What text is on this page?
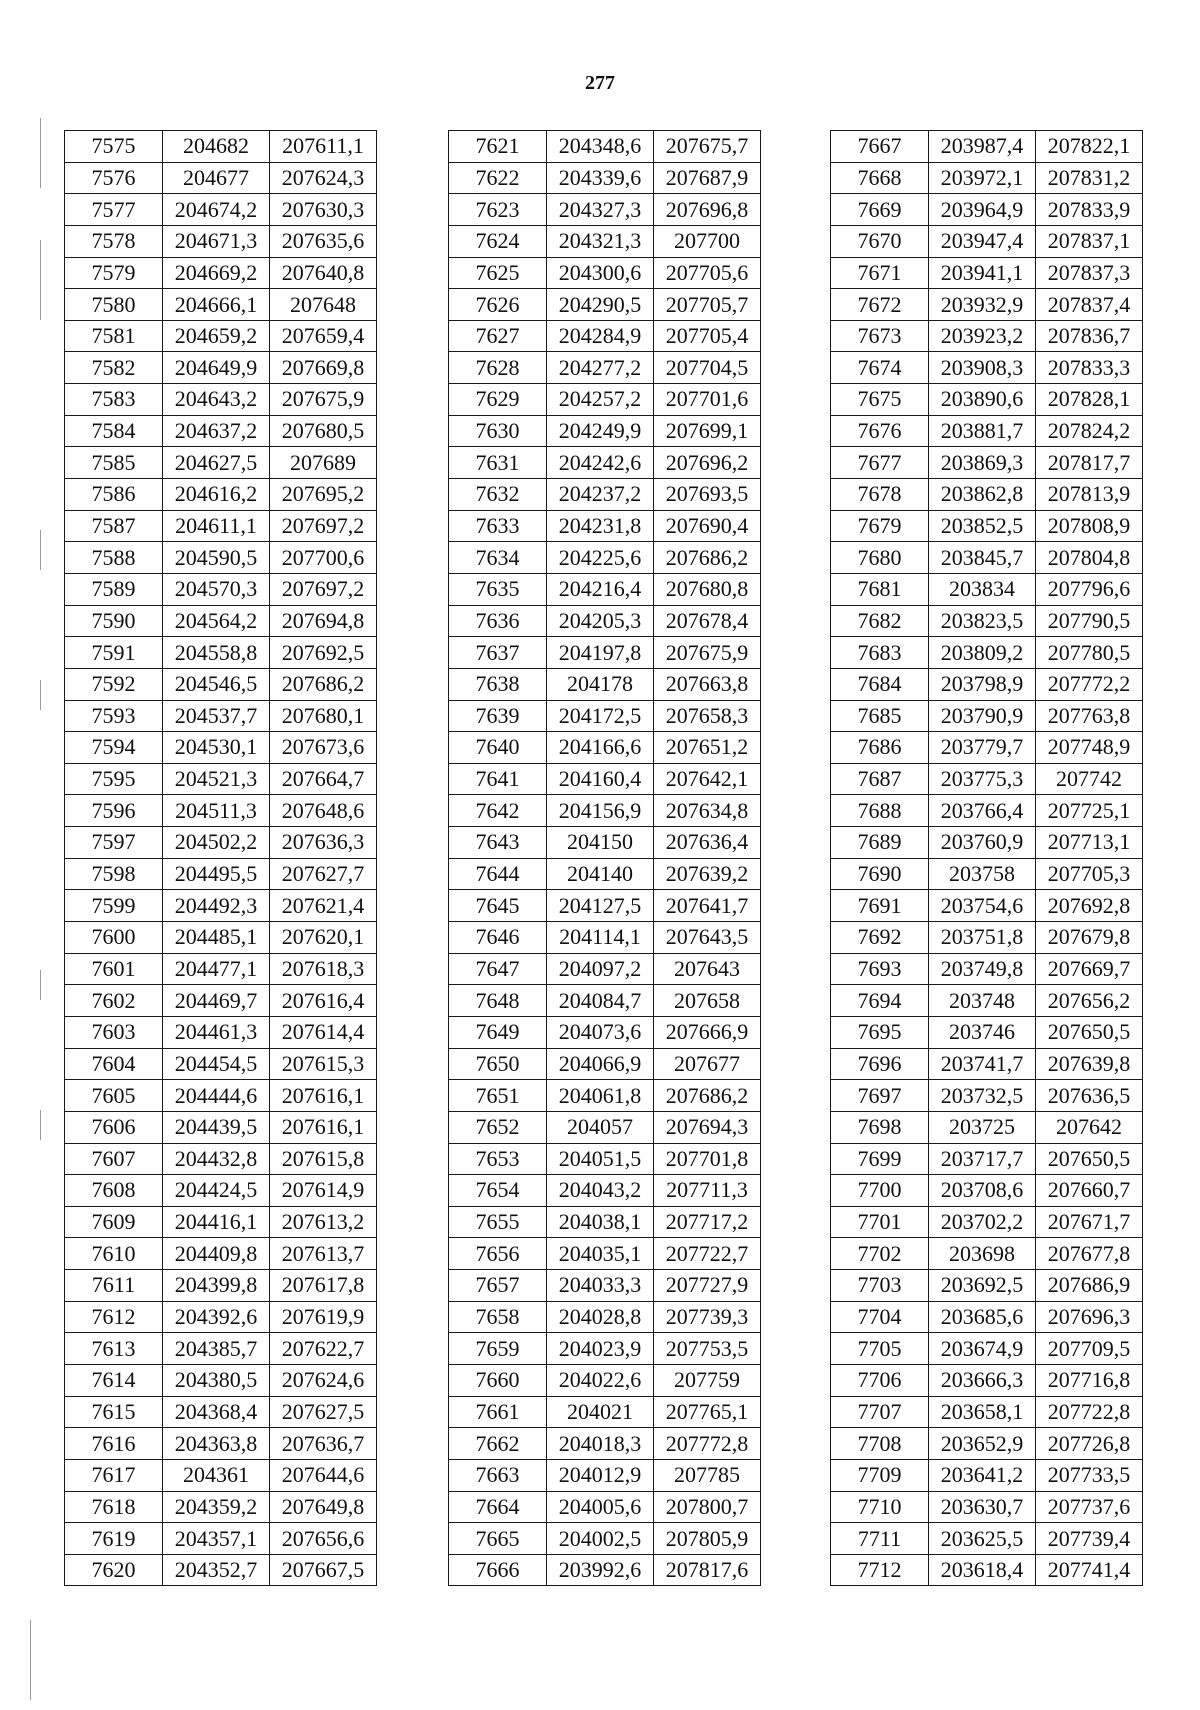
277
7575	204682	207611,1
7576	204677	207624,3
7577	204674,2	207630,3
7578	204671,3	207635,6
7579	204669,2	207640,8
7580	204666,1	207648
7581	204659,2	207659,4
7582	204649,9	207669,8
7583	204643,2	207675,9
7584	204637,2	207680,5
7585	204627,5	207689
7586	204616,2	207695,2
7587	204611,1	207697,2
7588	204590,5	207700,6
7589	204570,3	207697,2
7590	204564,2	207694,8
7591	204558,8	207692,5
7592	204546,5	207686,2
7593	204537,7	207680,1
7594	204530,1	207673,6
7595	204521,3	207664,7
7596	204511,3	207648,6
7597	204502,2	207636,3
7598	204495,5	207627,7
7599	204492,3	207621,4
7600	204485,1	207620,1
7601	204477,1	207618,3
7602	204469,7	207616,4
7603	204461,3	207614,4
7604	204454,5	207615,3
7605	204444,6	207616,1
7606	204439,5	207616,1
7607	204432,8	207615,8
7608	204424,5	207614,9
7609	204416,1	207613,2
7610	204409,8	207613,7
7611	204399,8	207617,8
7612	204392,6	207619,9
7613	204385,7	207622,7
7614	204380,5	207624,6
7615	204368,4	207627,5
7616	204363,8	207636,7
7617	204361	207644,6
7618	204359,2	207649,8
7619	204357,1	207656,6
7620	204352,7	207667,5
7621	204348,6	207675,7
7622	204339,6	207687,9
7623	204327,3	207696,8
7624	204321,3	207700
7625	204300,6	207705,6
7626	204290,5	207705,7
7627	204284,9	207705,4
7628	204277,2	207704,5
7629	204257,2	207701,6
7630	204249,9	207699,1
7631	204242,6	207696,2
7632	204237,2	207693,5
7633	204231,8	207690,4
7634	204225,6	207686,2
7635	204216,4	207680,8
7636	204205,3	207678,4
7637	204197,8	207675,9
7638	204178	207663,8
7639	204172,5	207658,3
7640	204166,6	207651,2
7641	204160,4	207642,1
7642	204156,9	207634,8
7643	204150	207636,4
7644	204140	207639,2
7645	204127,5	207641,7
7646	204114,1	207643,5
7647	204097,2	207643
7648	204084,7	207658
7649	204073,6	207666,9
7650	204066,9	207677
7651	204061,8	207686,2
7652	204057	207694,3
7653	204051,5	207701,8
7654	204043,2	207711,3
7655	204038,1	207717,2
7656	204035,1	207722,7
7657	204033,3	207727,9
7658	204028,8	207739,3
7659	204023,9	207753,5
7660	204022,6	207759
7661	204021	207765,1
7662	204018,3	207772,8
7663	204012,9	207785
7664	204005,6	207800,7
7665	204002,5	207805,9
7666	203992,6	207817,6
7667	203987,4	207822,1
7668	203972,1	207831,2
7669	203964,9	207833,9
7670	203947,4	207837,1
7671	203941,1	207837,3
7672	203932,9	207837,4
7673	203923,2	207836,7
7674	203908,3	207833,3
7675	203890,6	207828,1
7676	203881,7	207824,2
7677	203869,3	207817,7
7678	203862,8	207813,9
7679	203852,5	207808,9
7680	203845,7	207804,8
7681	203834	207796,6
7682	203823,5	207790,5
7683	203809,2	207780,5
7684	203798,9	207772,2
7685	203790,9	207763,8
7686	203779,7	207748,9
7687	203775,3	207742
7688	203766,4	207725,1
7689	203760,9	207713,1
7690	203758	207705,3
7691	203754,6	207692,8
7692	203751,8	207679,8
7693	203749,8	207669,7
7694	203748	207656,2
7695	203746	207650,5
7696	203741,7	207639,8
7697	203732,5	207636,5
7698	203725	207642
7699	203717,7	207650,5
7700	203708,6	207660,7
7701	203702,2	207671,7
7702	203698	207677,8
7703	203692,5	207686,9
7704	203685,6	207696,3
7705	203674,9	207709,5
7706	203666,3	207716,8
7707	203658,1	207722,8
7708	203652,9	207726,8
7709	203641,2	207733,5
7710	203630,7	207737,6
7711	203625,5	207739,4
7712	203618,4	207741,4
